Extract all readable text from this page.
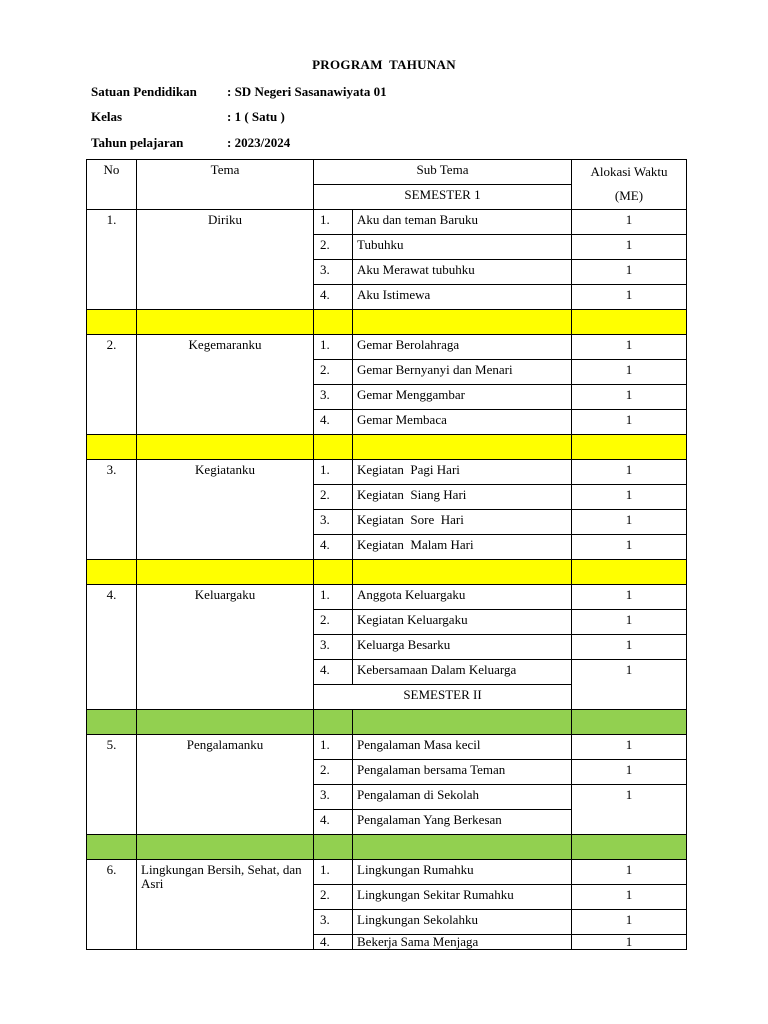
PROGRAM TAHUNAN
Satuan Pendidikan : SD Negeri Sasanawiyata 01
Kelas	: 1 ( Satu )
Tahun pelajaran	: 2023/2024
No	Tema	Sub Tema		Alokasi Waktu
(ME)

		SEMESTER 1		
1.	Diriku	1.	Aku dan teman Baruku	1
		2.	Tubuhku	1
		3.	Aku Merawat tubuhku	1
		4.	Aku Istimewa	1

2.	Kegemaranku	1.	Gemar Berolahraga	1
		2.	Gemar Bernyanyi dan Menari	1
		3.	Gemar Menggambar	1
		4.	Gemar Membaca	1

3.	Kegiatanku	1.	Kegiatan  Pagi Hari	1
		2.	Kegiatan  Siang Hari	1
		3.	Kegiatan  Sore  Hari	1
		4.	Kegiatan  Malam Hari	1

4.	Keluargaku	1.	Anggota Keluargaku	1
		2.	Kegiatan Keluargaku	1
		3.	Keluarga Besarku	1
		4.	Kebersamaan Dalam Keluarga	1
		SEMESTER II		

5.	Pengalamanku	1.	Pengalaman Masa kecil	1
		2.	Pengalaman bersama Teman	1
		3.	Pengalaman di Sekolah	1
		4.	Pengalaman Yang Berkesan	

6.	Lingkungan Bersih, Sehat, dan Asri	1.	Lingkungan Rumahku	1
		2.	Lingkungan Sekitar Rumahku	1
		3.	Lingkungan Sekolahku	1
		4.	Bekerja Sama Menjaga	1
